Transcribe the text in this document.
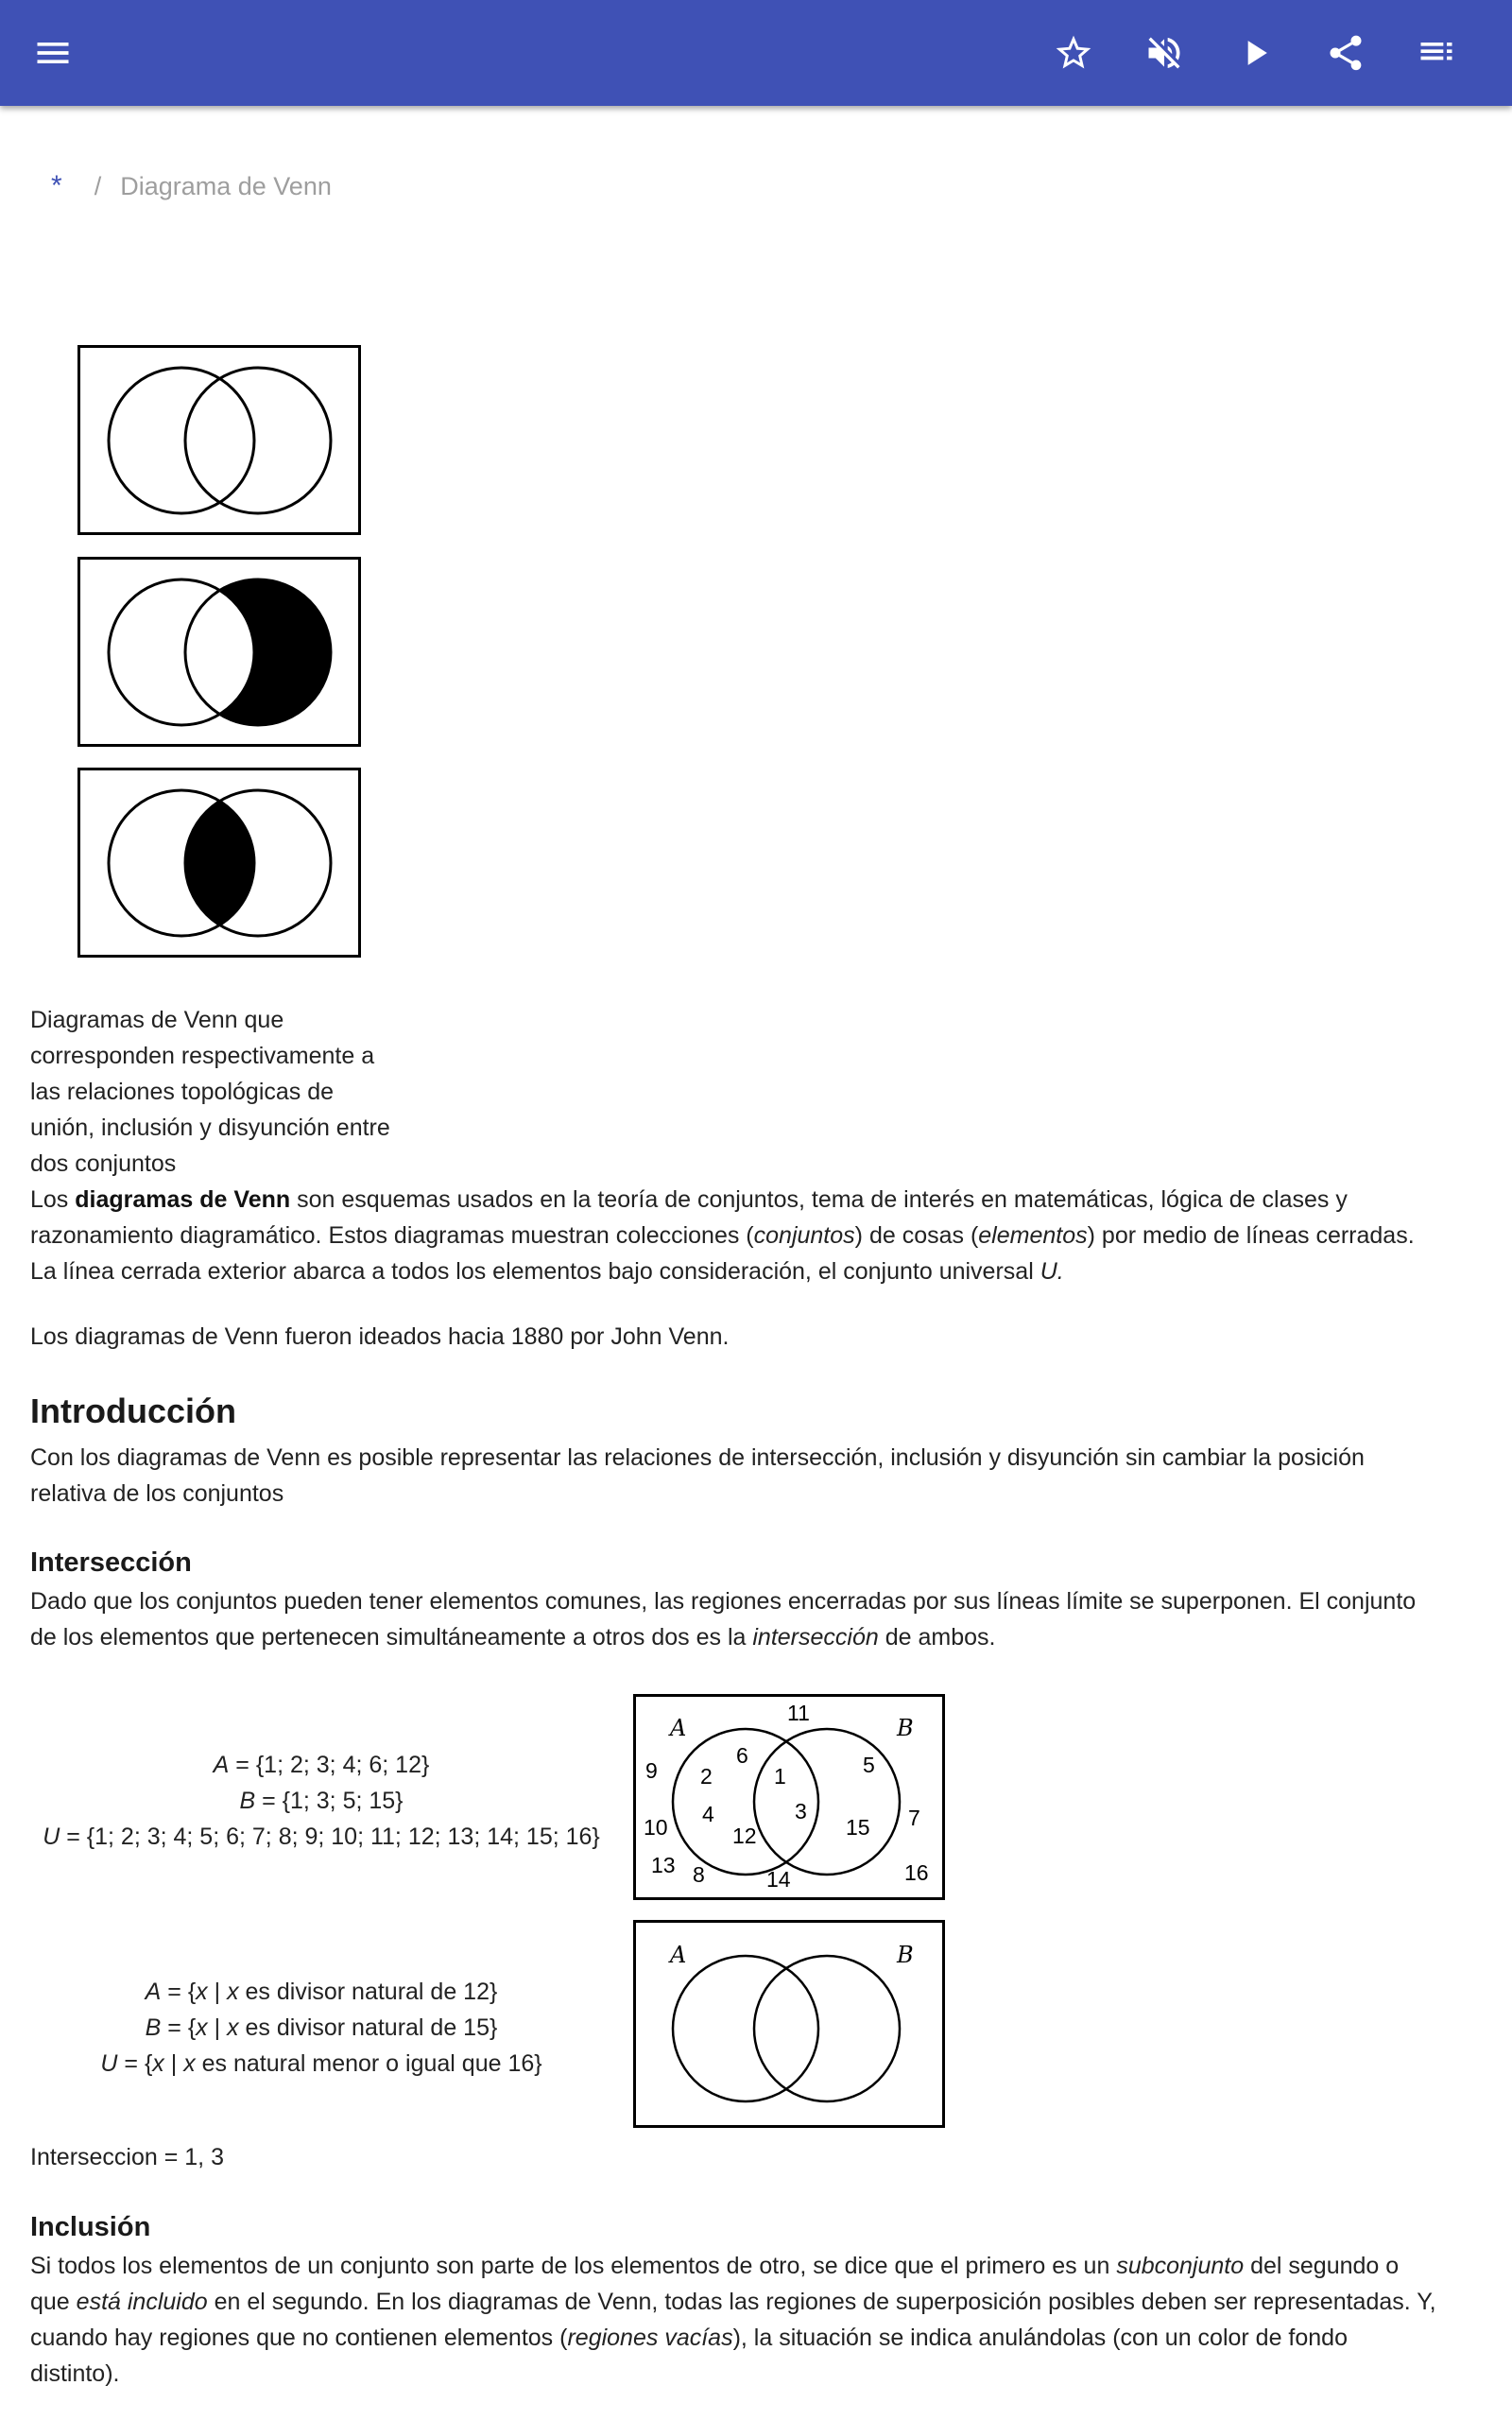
* / Diagrama de Venn
Diagramas de Venn que
corresponden respectivamente a
las relaciones topológicas de
unión, inclusión y disyunción entre
dos conjuntos
Los diagramas de Venn son esquemas usados en la teoría de conjuntos, tema de interés en matemáticas, lógica de clases y
razonamiento diagramático. Estos diagramas muestran colecciones (conjuntos) de cosas (elementos) por medio de líneas cerradas.
La línea cerrada exterior abarca a todos los elementos bajo consideración, el conjunto universal U.
Los diagramas de Venn fueron ideados hacia 1880 por John Venn.
Introducción
Con los diagramas de Venn es posible representar las relaciones de intersección, inclusión y disyunción sin cambiar la posición
relativa de los conjuntos
Intersección
Dado que los conjuntos pueden tener elementos comunes, las regiones encerradas por sus líneas límite se superponen. El conjunto
de los elementos que pertenecen simultáneamente a otros dos es la intersección de ambos.
A = {1; 2; 3; 4; 6; 12}
B = {1; 3; 5; 15}
U = {1; 2; 3; 4; 5; 6; 7; 8; 9; 10; 11; 12; 13; 14; 15; 16}
A	B
11
6
9 2	1	5
3
4	7
10	12	15
13 8	14	16
A = {x | x es divisor natural de 12}
B = {x | x es divisor natural de 15}
U = {x | x es natural menor o igual que 16}
A	B
Interseccion = 1, 3
Inclusión
Si todos los elementos de un conjunto son parte de los elementos de otro, se dice que el primero es un subconjunto del segundo o
que está incluido en el segundo. En los diagramas de Venn, todas las regiones de superposición posibles deben ser representadas. Y,
cuando hay regiones que no contienen elementos (regiones vacías), la situación se indica anulándolas (con un color de fondo
distinto).
